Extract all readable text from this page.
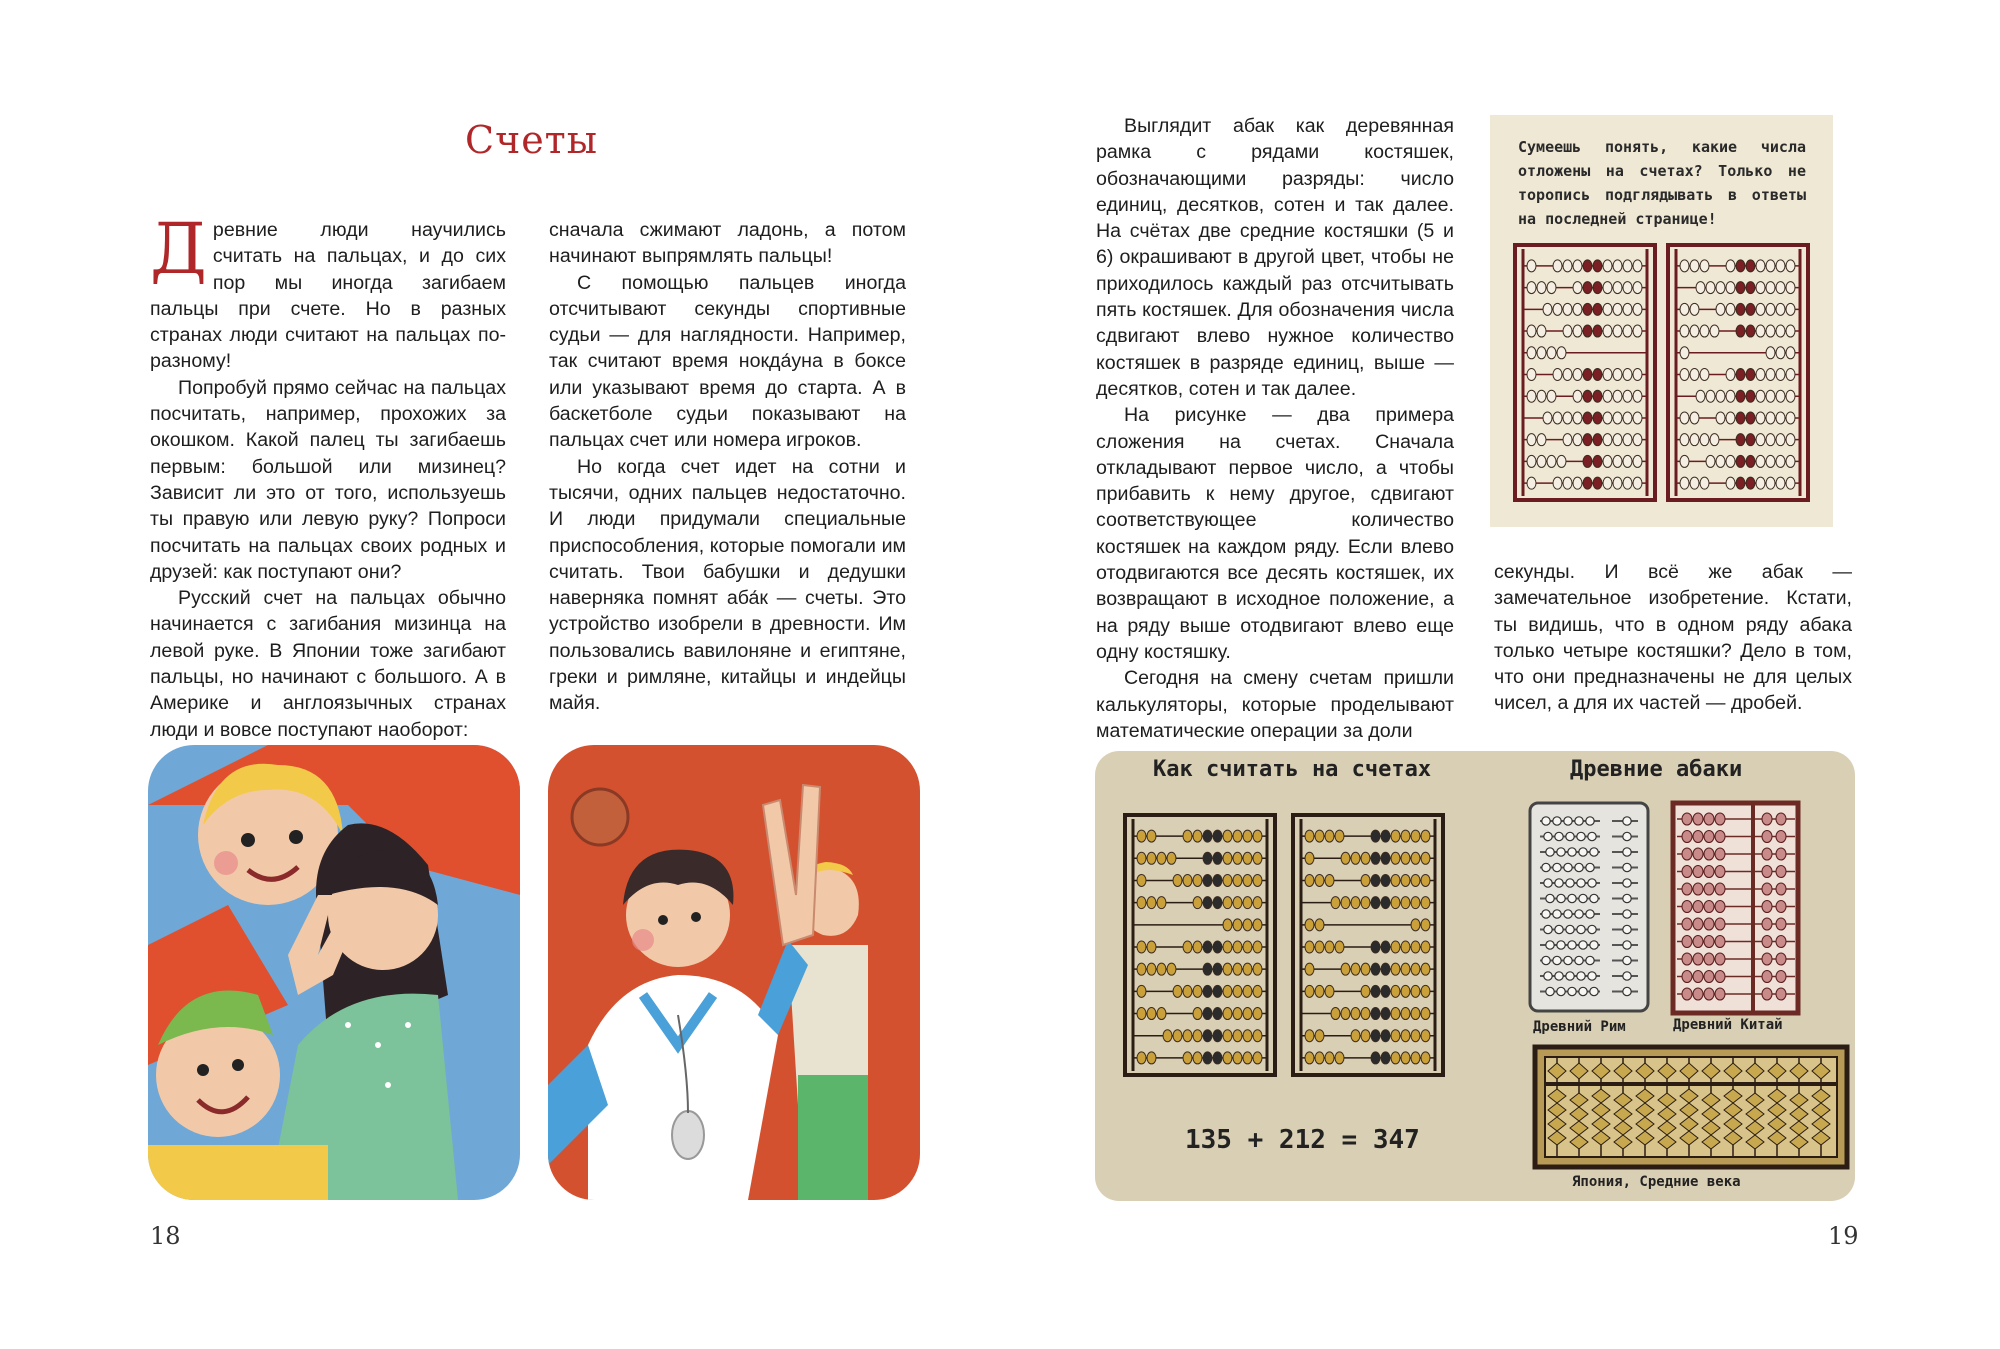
Счеты

Древние люди научились считать на пальцах, и до сих пор мы иногда загибаем пальцы при счете. Но в разных странах люди считают на пальцах по-разному!

Попробуй прямо сейчас на пальцах посчитать, например, прохожих за окошком. Какой палец ты загибаешь первым: большой или мизинец? Зависит ли это от того, используешь ты правую или левую руку? Попроси посчитать на пальцах своих родных и друзей: как поступают они?

Русский счет на пальцах обычно начинается с загибания мизинца на левой руке. В Японии тоже загибают пальцы, но начинают с большого. А в Америке и англоязычных странах люди и вовсе поступают наоборот:

сначала сжимают ладонь, а потом начинают выпрямлять пальцы!

С помощью пальцев иногда отсчитывают секунды спортивные судьи — для наглядности. Например, так считают время нокда́уна в боксе или указывают время до старта. А в баскетболе судьи показывают на пальцах счет или номера игроков.

Но когда счет идет на сотни и тысячи, одних пальцев недостаточно. И люди придумали специальные приспособления, которые помогали им считать. Твои бабушки и дедушки наверняка помнят аба́к — счеты. Это устройство изобрели в древности. Им пользовались вавилоняне и египтяне, греки и римляне, китайцы и индейцы майя.

18

Выглядит абак как деревянная рамка с рядами костяшек, обозначающими разряды: число единиц, десятков, сотен и так далее. На счётах две средние костяшки (5 и 6) окрашивают в другой цвет, чтобы не приходилось каждый раз отсчитывать пять костяшек. Для обозначения числа сдвигают влево нужное количество костяшек в разряде единиц, выше — десятков, сотен и так далее.

На рисунке — два примера сложения на счетах. Сначала откладывают первое число, а чтобы прибавить к нему другое, сдвигают соответствующее количество костяшек на каждом ряду. Если влево отодвигаются все десять костяшек, их возвращают в исходное положение, а на ряду выше отодвигают влево еще одну костяшку.

Сегодня на смену счетам пришли калькуляторы, которые проделывают математические операции за доли

секунды. И всё же абак — замечательное изобретение. Кстати, ты видишь, что в одном ряду абака только четыре костяшки? Дело в том, что они предназначены не для целых чисел, а для их частей — дробей.

Сумеешь понять, какие числа отложены на счетах? Только не торопись подглядывать в ответы на последней странице!
Как считать на счетах	Древние абаки
135 + 212 = 347
Древний Рим	Древний Китай
Япония, Средние века
19
